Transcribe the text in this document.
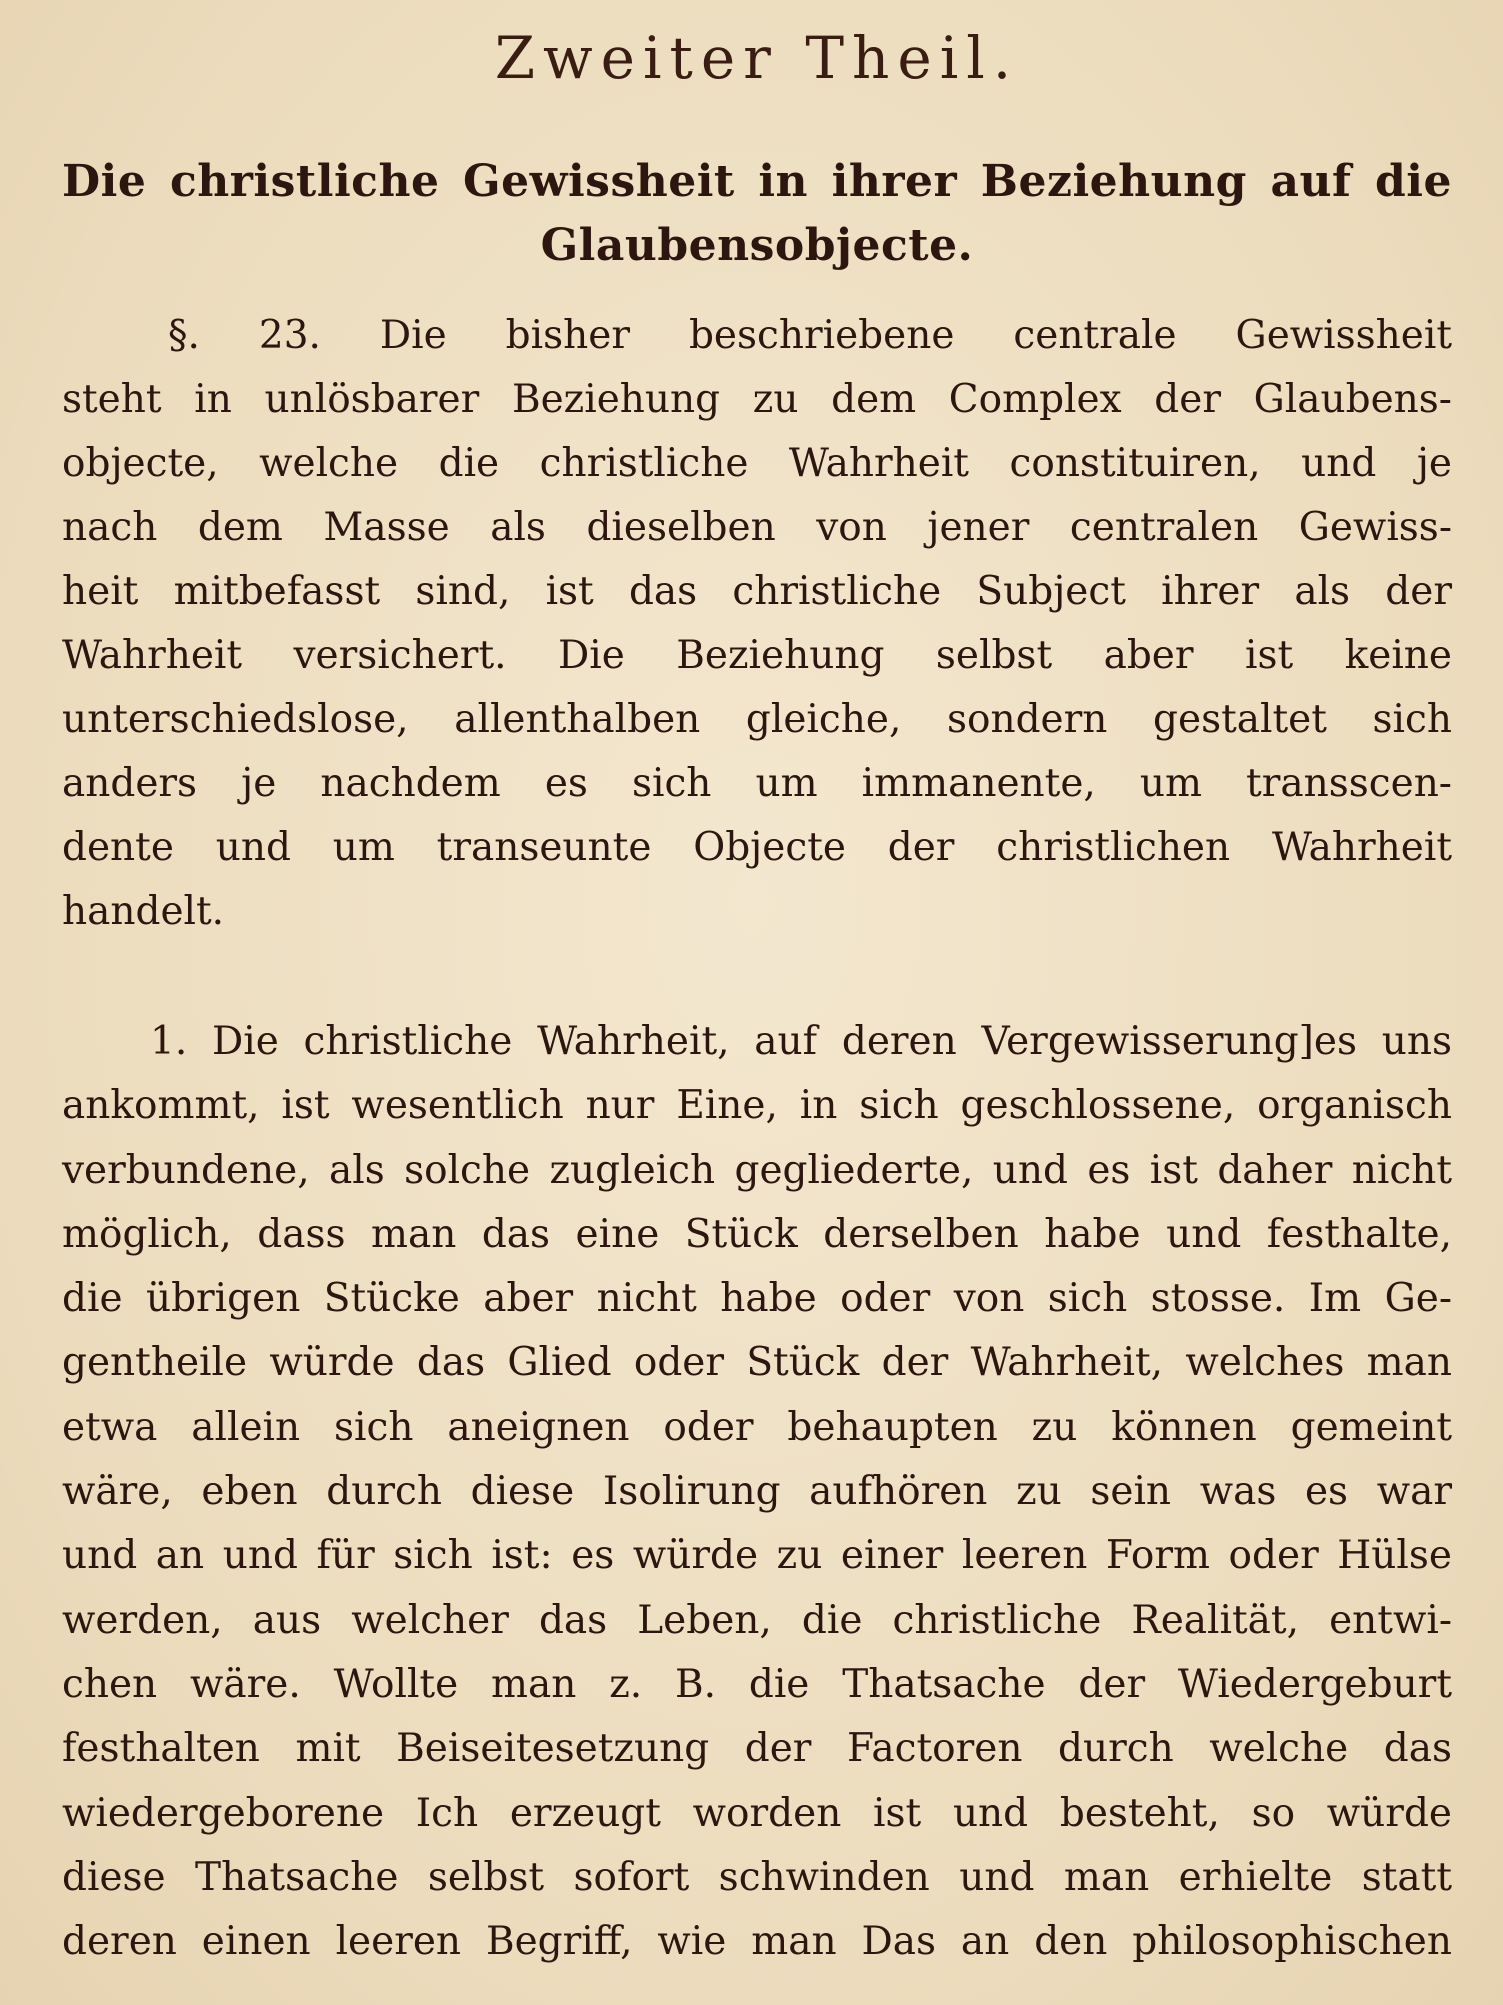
Zweiter Theil.
Die christliche Gewissheit in ihrer Beziehung auf die
Glaubensobjecte.
§. 23. Die bisher beschriebene centrale Gewissheit
steht in unlösbarer Beziehung zu dem Complex der Glaubens-
objecte, welche die christliche Wahrheit constituiren, und je
nach dem Masse als dieselben von jener centralen Gewiss-
heit mitbefasst sind, ist das christliche Subject ihrer als der
Wahrheit versichert. Die Beziehung selbst aber ist keine
unterschiedslose, allenthalben gleiche, sondern gestaltet sich
anders je nachdem es sich um immanente, um transscen-
dente und um transeunte Objecte der christlichen Wahrheit
handelt.
1. Die christliche Wahrheit, auf deren Vergewisserung]es uns
ankommt, ist wesentlich nur Eine, in sich geschlossene, organisch
verbundene, als solche zugleich gegliederte, und es ist daher nicht
möglich, dass man das eine Stück derselben habe und festhalte,
die übrigen Stücke aber nicht habe oder von sich stosse. Im Ge-
gentheile würde das Glied oder Stück der Wahrheit, welches man
etwa allein sich aneignen oder behaupten zu können gemeint
wäre, eben durch diese Isolirung aufhören zu sein was es war
und an und für sich ist: es würde zu einer leeren Form oder Hülse
werden, aus welcher das Leben, die christliche Realität, entwi-
chen wäre. Wollte man z. B. die Thatsache der Wiedergeburt
festhalten mit Beiseitesetzung der Factoren durch welche das
wiedergeborene Ich erzeugt worden ist und besteht, so würde
diese Thatsache selbst sofort schwinden und man erhielte statt
deren einen leeren Begriff, wie man Das an den philosophischen
